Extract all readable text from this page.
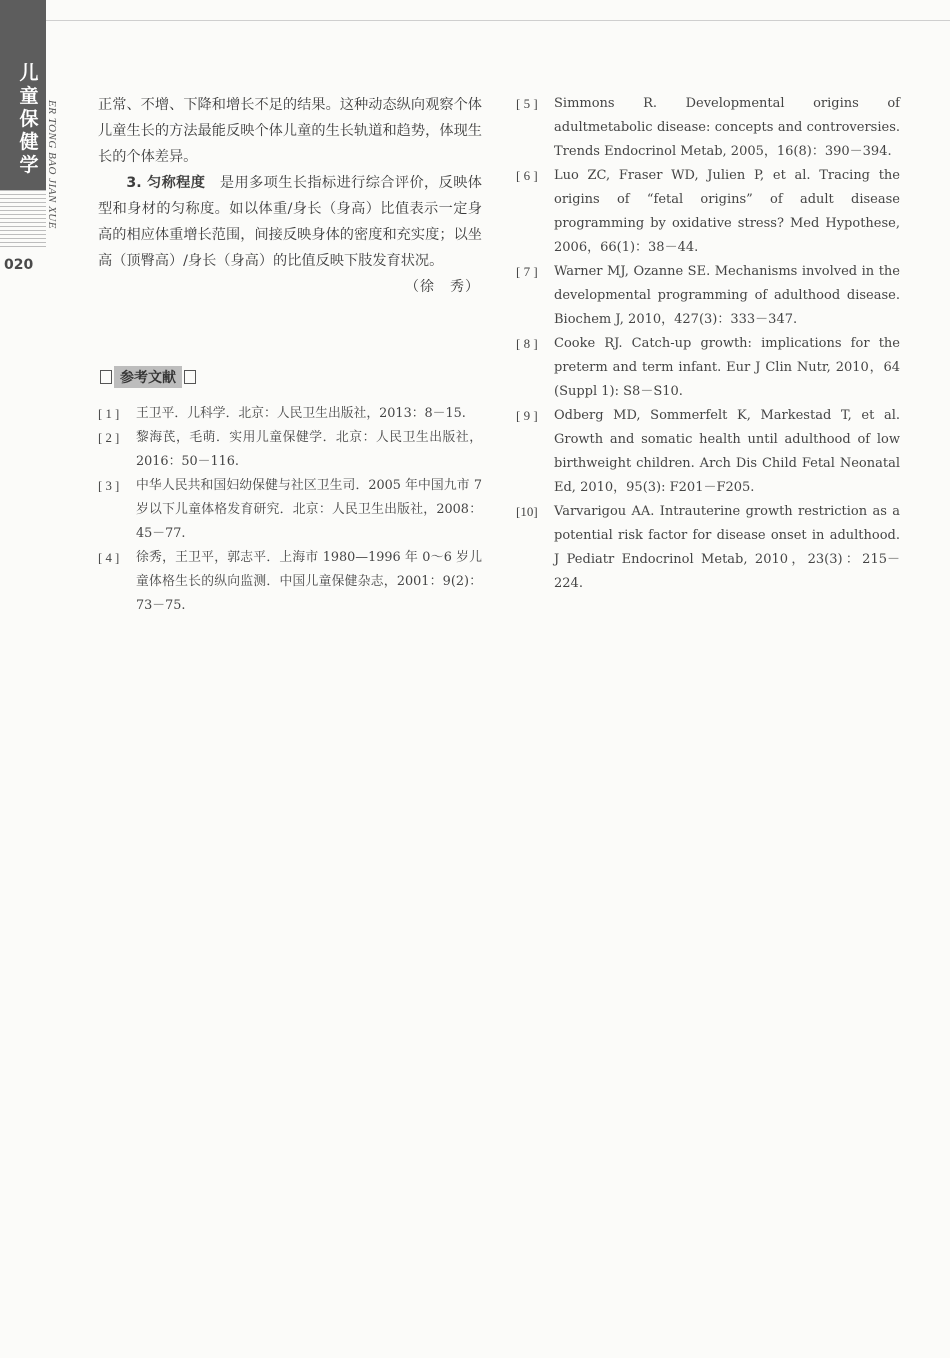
儿
童
保
健
学 ER TONG BAO JIAN XUE
020

正常、不增、下降和增长不足的结果。这种动态纵向观察个体儿童生长的方法最能反映个体儿童的生长轨道和趋势，体现生长的个体差异。

3. 匀称程度　 是用多项生长指标进行综合评价，反映体型和身材的匀称度。如以体重/身长（身高）比值表示一定身高的相应体重增长范围，间接反映身体的密度和充实度；以坐高（顶臀高）/身长（身高）的比值反映下肢发育状况。

（徐　秀）

参考文献
[ 1 ]	王卫平．儿科学．北京：人民卫生出版社，2013：8－15.
[ 2 ]	黎海芪，毛萌．实用儿童保健学．北京：人民卫生出版社，2016：50－116.
[ 3 ]	中华人民共和国妇幼保健与社区卫生司．2005 年中国九市 7 岁以下儿童体格发育研究．北京：人民卫生出版社，2008：45－77.
[ 4 ]	徐秀，王卫平，郭志平．上海市 1980—1996 年 0～6 岁儿童体格生长的纵向监测．中国儿童保健杂志，2001：9(2)：73－75.
[ 5 ]	Simmons R. Developmental origins of adultmetabolic disease: concepts and controversies. Trends Endocrinol Metab, 2005，16(8)：390－394.
[ 6 ]	Luo ZC, Fraser WD, Julien P, et al. Tracing the origins of “fetal origins” of adult disease programming by oxidative stress? Med Hypothese, 2006，66(1)：38－44.
[ 7 ]	Warner MJ, Ozanne SE. Mechanisms involved in the developmental programming of adulthood disease. Biochem J, 2010，427(3)：333－347.
[ 8 ]	Cooke RJ. Catch-up growth: implications for the preterm and term infant. Eur J Clin Nutr, 2010，64 (Suppl 1): S8－S10.
[ 9 ]	Odberg MD, Sommerfelt K, Markestad T, et al. Growth and somatic health until adulthood of low birthweight children. Arch Dis Child Fetal Neonatal Ed, 2010，95(3): F201－F205.
[10]	Varvarigou AA. Intrauterine growth restriction as a potential risk factor for disease onset in adulthood. J Pediatr Endocrinol Metab, 2010，23(3)：215－224.
